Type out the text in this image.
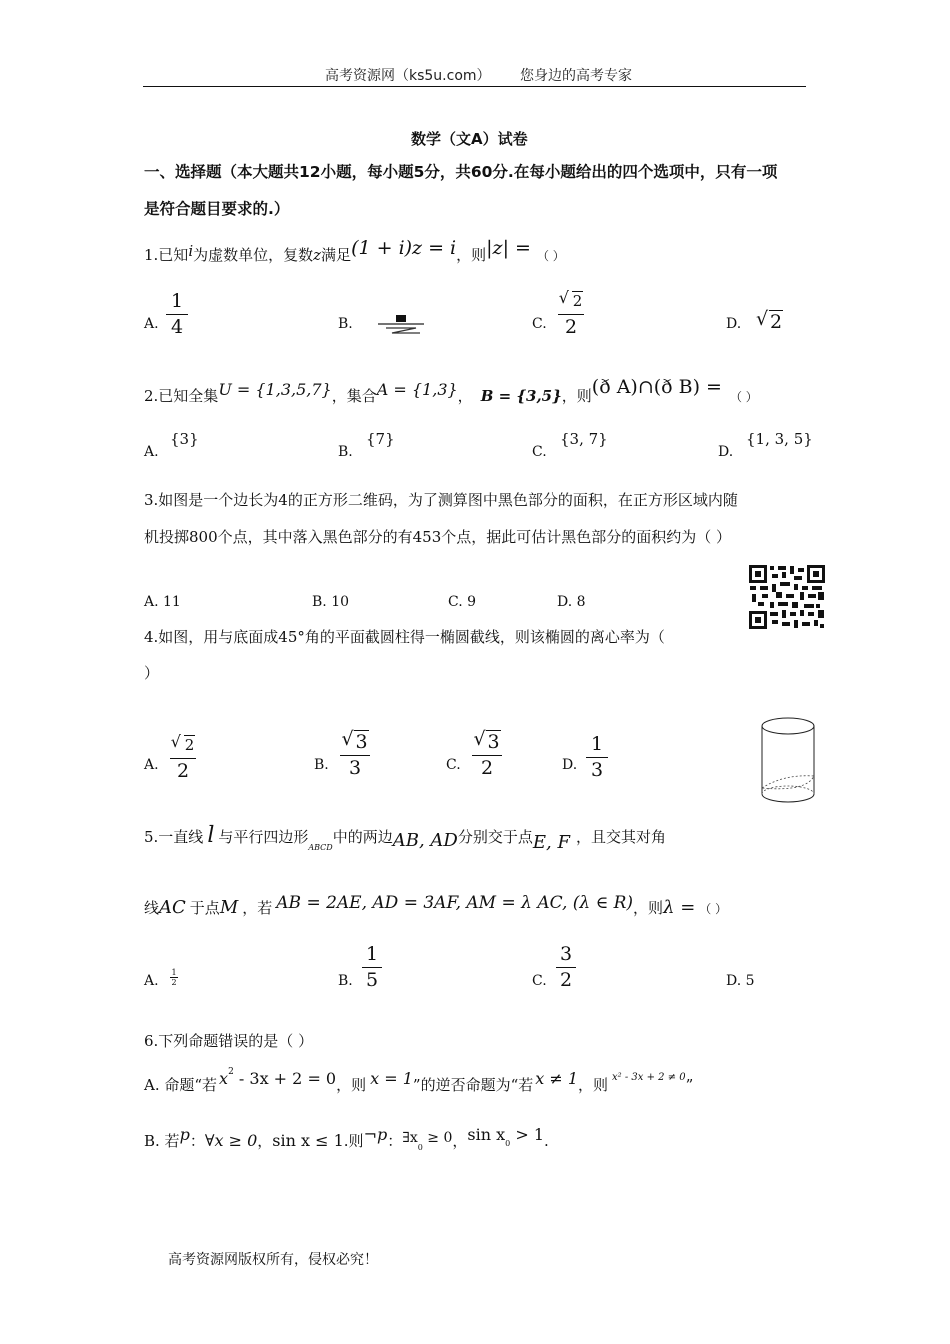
高考资源网（ks5u.com） 您身边的高考专家
数学（文A）试卷
一、选择题（本大题共12小题，每小题5分，共60分.在每小题给出的四个选项中，只有一项
是符合题目要求的.）
1.已知i为虚数单位，复数z满足(1 + i)z = i，则|z| = （ ）
A.
1
4	B.	C.
√ 2
2	D. √ 2
2.已知全集U = {1,3,5,7}，集合A = {1,3}， B = {3,5}，则(ð A)∩(ð B) = （ ）
A.
{3}
B.
{7}
C.
{3, 7}
D.
{1, 3, 5}
3.如图是一个边长为4的正方形二维码，为了测算图中黑色部分的面积，在正方形区域内随
机投掷800个点，其中落入黑色部分的有453个点，据此可估计黑色部分的面积约为（ ）
A. 11	B. 10	C. 9	D. 8
4.如图，用与底面成45°角的平面截圆柱得一椭圆截线，则该椭圆的离心率为（
）
A.
√ 2
2	B.
√ 3
3	C.
√ 3
2	D.
1
3
5.一直线 l 与平行四边形$_{ABCD}$中的两边AB, AD分别交于点E, F ，且交其对角
线AC 于点M ，若 AB = 2AE, AD = 3AF, AM = λ AC, (λ ∈ R)，则λ = （ ）
A.
1
2	B.
1
5	C.
3
2	D. 5
6.下列命题错误的是（ ）
A. 命题“若 $x^2 - 3x + 2 = 0$，则 x = 1”的逆否命题为“若 x ≠ 1，则 $^{x^2 - 3x + 2 \ne 0}$”
B. 若p：∀x ≥ 0，sin x ≤ 1.则¬p：$\exists x_0 \ge 0$，$\sin x_0 > 1$.
高考资源网版权所有，侵权必究！
